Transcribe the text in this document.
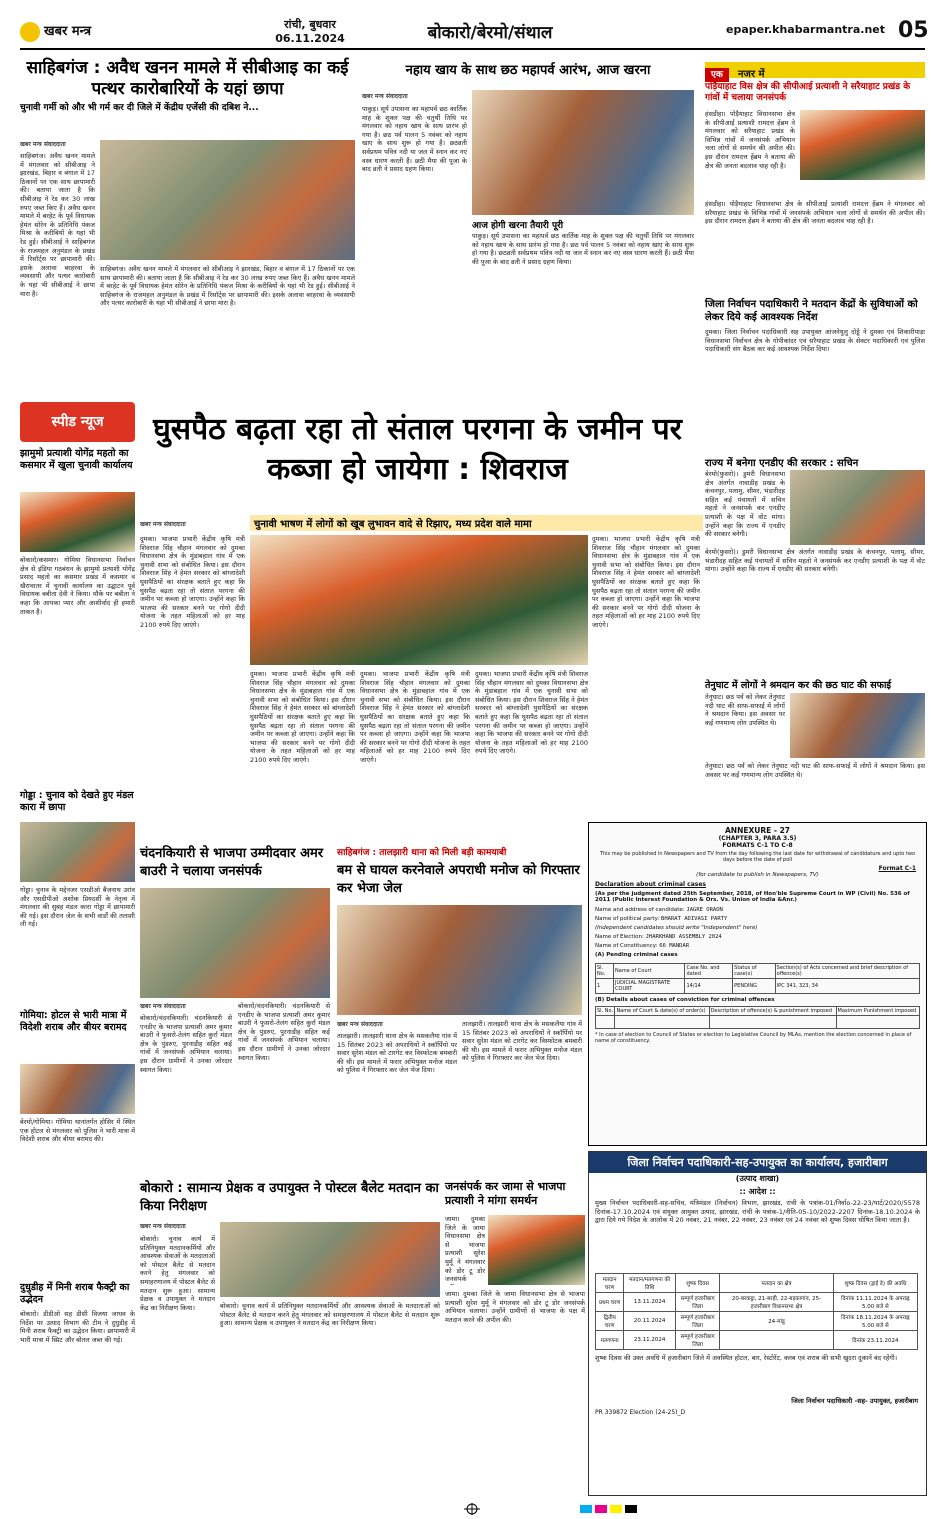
खबर मन्त्र	रांची, बुधवार
06.11.2024	बोकारो/बेरमो/संथाल	epaper.khabarmantra.net 05
साहिबगंज : अवैध खनन मामले में सीबीआइ का कई पत्थर कारोबारियों के यहां छापा
चुनावी गर्मी को और भी गर्म कर दी जिले में केंद्रीय एजेंसी की दबिश ने...
खबर मन्त्र संवाददाता
साहिबगंज। अवैध खनन मामले में मंगलवार को सीबीआइ ने झारखंड, बिहार व बंगाल में 17 ठिकानों पर एक साथ छापामारी की। बताया जाता है कि सीबीआइ ने रेड कर 30 लाख रुपए जब्त किए हैं। अवैध खनन मामले में बरहेट के पूर्व विधायक हेमंत सोरेन के प्रतिनिधि पंकज मिश्रा के करीबियों के यहां भी रेड हुई। सीबीआई ने साहिबगंज के राजमहल अनुमंडल के प्रखंड में रिसॉर्ट्स पर छापामारी की। इसके अलावा बरहरवा के व्यवसायी और पत्थर कारोबारी के यहां भी सीबीआई ने छापा मारा है।
साहिबगंज। अवैध खनन मामले में मंगलवार को सीबीआइ ने झारखंड, बिहार व बंगाल में 17 ठिकानों पर एक साथ छापामारी की। बताया जाता है कि सीबीआइ ने रेड कर 30 लाख रुपए जब्त किए हैं। अवैध खनन मामले में बरहेट के पूर्व विधायक हेमंत सोरेन के प्रतिनिधि पंकज मिश्रा के करीबियों के यहां भी रेड हुई। सीबीआई ने साहिबगंज के राजमहल अनुमंडल के प्रखंड में रिसॉर्ट्स पर छापामारी की। इसके अलावा बरहरवा के व्यवसायी और पत्थर कारोबारी के यहां भी सीबीआई ने छापा मारा है।
नहाय खाय के साथ छठ महापर्व आरंभ, आज खरना
खबर मन्त्र संवाददाता
पाकुड़। सूर्य उपासना का महापर्व छठ कार्तिक माह के शुक्ल पक्ष की चतुर्थी तिथि पर मंगलवार को नहाय खाय के साथ प्रारंभ हो गया है। छठ पर्व पालन 5 नवंबर को नहाय खाए के साथ शुरू हो गया है। छठव्रती सर्वप्रथम पवित्र नदी या जल में स्नान कर नए वस्त्र धारण करती हैं। छठी मैया की पूजा के बाद व्रती ने प्रसाद ग्रहण किया।
आज होगी खरना तैयारी पूरी
पाकुड़। सूर्य उपासना का महापर्व छठ कार्तिक माह के शुक्ल पक्ष की चतुर्थी तिथि पर मंगलवार को नहाय खाय के साथ प्रारंभ हो गया है। छठ पर्व पालन 5 नवंबर को नहाय खाए के साथ शुरू हो गया है। छठव्रती सर्वप्रथम पवित्र नदी या जल में स्नान कर नए वस्त्र धारण करती हैं। छठी मैया की पूजा के बाद व्रती ने प्रसाद ग्रहण किया।
एक नजर में
पोड़ैयाहाट विस क्षेत्र की सीपीआई प्रत्याशी ने सरैयाहाट प्रखंड के गांवों में चलाया जनसंपर्क
हंसडीहा। पोड़ैयाहाट विधानसभा क्षेत्र के सीपीआई प्रत्याशी रामदत्त हेंब्रम ने मंगलवार को सरैयाहाट प्रखंड के विभिन्न गांवों में जनसंपर्क अभियान चला लोगों से समर्थन की अपील की। इस दौरान रामदत्त हेंब्रम ने बताया की क्षेत्र की जनता बदलाव चाह रही है।
हंसडीहा। पोड़ैयाहाट विधानसभा क्षेत्र के सीपीआई प्रत्याशी रामदत्त हेंब्रम ने मंगलवार को सरैयाहाट प्रखंड के विभिन्न गांवों में जनसंपर्क अभियान चला लोगों से समर्थन की अपील की। इस दौरान रामदत्त हेंब्रम ने बताया की क्षेत्र की जनता बदलाव चाह रही है।
जिला निर्वाचन पदाधिकारी ने मतदान केंद्रों के सुविधाओं को लेकर दिये कई आवश्यक निर्देश
दुमका। जिला निर्वाचन पदाधिकारी सह उपायुक्त आंजनेयुलु दोड्डे ने दुमका एवं शिकारीपाड़ा विधानसभा निर्वाचन क्षेत्र के गोपीकांदर एवं सरैयाहाट प्रखंड के सेक्टर पदाधिकारी एवं पुलिस पदाधिकारी संग बैठक कर कई आवश्यक निर्देश दिया।
राज्य में बनेगा एनडीए की सरकार : सचिन
बेरमो(फुसरो)। डुमरी विधानसभा क्षेत्र अंतर्गत नावाडीह प्रखंड के कंचनपुर, पलामु, सीमर, भंडारीदह सहित कई पंचायतों में सचिन महतो ने जनसंपर्क कर एनडीए प्रत्याशी के पक्ष में वोट मांगा। उन्होंने कहा कि राज्य में एनडीए की सरकार बनेगी।
बेरमो(फुसरो)। डुमरी विधानसभा क्षेत्र अंतर्गत नावाडीह प्रखंड के कंचनपुर, पलामु, सीमर, भंडारीदह सहित कई पंचायतों में सचिन महतो ने जनसंपर्क कर एनडीए प्रत्याशी के पक्ष में वोट मांगा। उन्होंने कहा कि राज्य में एनडीए की सरकार बनेगी।
तेनुघाट में लोगों ने श्रमदान कर की छठ घाट की सफाई
तेनुघाट। छठ पर्व को लेकर तेनुघाट नदी घाट की साफ-सफाई में लोगों ने श्रमदान किया। इस अवसर पर कई गणमान्य लोग उपस्थित थे।
तेनुघाट। छठ पर्व को लेकर तेनुघाट नदी घाट की साफ-सफाई में लोगों ने श्रमदान किया। इस अवसर पर कई गणमान्य लोग उपस्थित थे।
स्पीड न्यूज
झामुमो प्रत्याशी योगेंद्र महतो का कसमार में खुला चुनावी कार्यालय
बोकारो/कसमार। गोमिया विधानसभा निर्वाचन क्षेत्र से इंडिया गठबंधन के झामुमो प्रत्याशी योगेंद्र प्रसाद महतो का कसमार प्रखंड में कसमार व खैराचातर में चुनावी कार्यालय का उद्घाटन पूर्व विधायक बबीता देवी ने किया। मौके पर बबीता ने कहा कि आपका प्यार और आशीर्वाद ही हमारी ताकत है।
गोड्डा : चुनाव को देखते हुए मंडल कारा में छापा
गोड्डा। चुनाव के मद्देनजर एसडीओ बैजनाथ उरांव और एसडीपीओ अशोक प्रियदर्शी के नेतृत्व में मंगलवार की सुबह मंडल कारा गोड्डा में छापामारी की गई। इस दौरान जेल के सभी वार्डों की तलाशी ली गई।
गोमिया: होटल से भारी मात्रा में विदेशी शराब और बीयर बरामद
बेरमो/गोमिया। गोमिया थानांतर्गत होसिर में स्थित एक होटल से मंगलवार को पुलिस ने भारी मात्रा में विदेशी शराब और बीयर बरामद की।
दुधुडीह में मिनी शराब फैक्ट्री का उद्भेदन
बोकारो। डीडीओ सह डीसी विजया जाधव के निर्देश पर उत्पाद विभाग की टीम ने दुधुडीह में मिनी शराब फैक्ट्री का उद्भेदन किया। छापामारी में भारी मात्रा में स्प्रिट और बोतल जब्त की गई।
घुसपैठ बढ़ता रहा तो संताल परगना के जमीन पर कब्जा हो जायेगा : शिवराज
चुनावी भाषण में लोगों को खूब लुभावन वादे से रिझाए, मध्य प्रदेश वाले मामा
खबर मन्त्र संवाददाता
दुमका। भाजपा प्रभारी केंद्रीय कृषि मंत्री शिवराज सिंह चौहान मंगलवार को दुमका विधानसभा क्षेत्र के मुंडाबहाल गांव में एक चुनावी सभा को संबोधित किया। इस दौरान शिवराज सिंह ने हेमंत सरकार को बांग्लादेशी घुसपैठियों का संरक्षक बताते हुए कहा कि घुसपैठ बढ़ता रहा तो संताल परगना की जमीन पर कब्जा हो जाएगा। उन्होंने कहा कि भाजपा की सरकार बनने पर गोगो दीदी योजना के तहत महिलाओं को हर माह 2100 रुपये दिए जाएंगे।
दुमका। भाजपा प्रभारी केंद्रीय कृषि मंत्री शिवराज सिंह चौहान मंगलवार को दुमका विधानसभा क्षेत्र के मुंडाबहाल गांव में एक चुनावी सभा को संबोधित किया। इस दौरान शिवराज सिंह ने हेमंत सरकार को बांग्लादेशी घुसपैठियों का संरक्षक बताते हुए कहा कि घुसपैठ बढ़ता रहा तो संताल परगना की जमीन पर कब्जा हो जाएगा। उन्होंने कहा कि भाजपा की सरकार बनने पर गोगो दीदी योजना के तहत महिलाओं को हर माह 2100 रुपये दिए जाएंगे।
दुमका। भाजपा प्रभारी केंद्रीय कृषि मंत्री शिवराज सिंह चौहान मंगलवार को दुमका विधानसभा क्षेत्र के मुंडाबहाल गांव में एक चुनावी सभा को संबोधित किया। इस दौरान शिवराज सिंह ने हेमंत सरकार को बांग्लादेशी घुसपैठियों का संरक्षक बताते हुए कहा कि घुसपैठ बढ़ता रहा तो संताल परगना की जमीन पर कब्जा हो जाएगा। उन्होंने कहा कि भाजपा की सरकार बनने पर गोगो दीदी योजना के तहत महिलाओं को हर माह 2100 रुपये दिए जाएंगे।
दुमका। भाजपा प्रभारी केंद्रीय कृषि मंत्री शिवराज सिंह चौहान मंगलवार को दुमका विधानसभा क्षेत्र के मुंडाबहाल गांव में एक चुनावी सभा को संबोधित किया। इस दौरान शिवराज सिंह ने हेमंत सरकार को बांग्लादेशी घुसपैठियों का संरक्षक बताते हुए कहा कि घुसपैठ बढ़ता रहा तो संताल परगना की जमीन पर कब्जा हो जाएगा। उन्होंने कहा कि भाजपा की सरकार बनने पर गोगो दीदी योजना के तहत महिलाओं को हर माह 2100 रुपये दिए जाएंगे।
दुमका। भाजपा प्रभारी केंद्रीय कृषि मंत्री शिवराज सिंह चौहान मंगलवार को दुमका विधानसभा क्षेत्र के मुंडाबहाल गांव में एक चुनावी सभा को संबोधित किया। इस दौरान शिवराज सिंह ने हेमंत सरकार को बांग्लादेशी घुसपैठियों का संरक्षक बताते हुए कहा कि घुसपैठ बढ़ता रहा तो संताल परगना की जमीन पर कब्जा हो जाएगा। उन्होंने कहा कि भाजपा की सरकार बनने पर गोगो दीदी योजना के तहत महिलाओं को हर माह 2100 रुपये दिए जाएंगे।
चंदनकियारी से भाजपा उम्मीदवार अमर बाउरी ने चलाया जनसंपर्क
खबर मन्त्र संवाददाता
बोकारो/चंदनकियारी। चंदनकियारी से एनडीए के भाजपा प्रत्याशी अमर कुमार बाउरी ने फुसरो-तेलंग सहित कुर्रा मंडल क्षेत्र के पुंडरुए, पुरनाडीह सहित कई गांवों में जनसंपर्क अभियान चलाया। इस दौरान ग्रामीणों ने उनका जोरदार स्वागत किया।
बोकारो/चंदनकियारी। चंदनकियारी से एनडीए के भाजपा प्रत्याशी अमर कुमार बाउरी ने फुसरो-तेलंग सहित कुर्रा मंडल क्षेत्र के पुंडरुए, पुरनाडीह सहित कई गांवों में जनसंपर्क अभियान चलाया। इस दौरान ग्रामीणों ने उनका जोरदार स्वागत किया।
साहिबगंज : तालझारी थाना को मिली बड़ी कामयाबी
बम से घायल करनेवाले अपराधी मनोज को गिरफ्तार कर भेजा जेल
खबर मन्त्र संवाददाता
तालझारी। तालझारी थाना क्षेत्र के मसकलैया गांव में 15 सितंबर 2023 को अपराधियों ने स्कॉर्पियो पर सवार सुरेश मंडल को टारगेट कर विस्फोटक बमबारी की थी। इस मामले में फरार अभियुक्त मनोज मंडल को पुलिस ने गिरफ्तार कर जेल भेज दिया।
तालझारी। तालझारी थाना क्षेत्र के मसकलैया गांव में 15 सितंबर 2023 को अपराधियों ने स्कॉर्पियो पर सवार सुरेश मंडल को टारगेट कर विस्फोटक बमबारी की थी। इस मामले में फरार अभियुक्त मनोज मंडल को पुलिस ने गिरफ्तार कर जेल भेज दिया।
बोकारो : सामान्य प्रेक्षक व उपायुक्त ने पोस्टल बैलेट मतदान का किया निरीक्षण
खबर मन्त्र संवाददाता
बोकारो। चुनाव कार्य में प्रतिनियुक्त मतदानकर्मियों और आवश्यक सेवाओं के मतदाताओं को पोस्टल बैलेट से मतदान करने हेतु मंगलवार को समाहरणालय में पोस्टल बैलेट से मतदान शुरू हुआ। सामान्य प्रेक्षक व उपायुक्त ने मतदान केंद्र का निरीक्षण किया।	बोकारो। चुनाव कार्य में प्रतिनियुक्त मतदानकर्मियों और आवश्यक सेवाओं के मतदाताओं को पोस्टल बैलेट से मतदान करने हेतु मंगलवार को समाहरणालय में पोस्टल बैलेट से मतदान शुरू हुआ। सामान्य प्रेक्षक व उपायुक्त ने मतदान केंद्र का निरीक्षण किया।
जनसंपर्क कर जामा से भाजपा प्रत्याशी ने मांगा समर्थन
जामा। दुमका जिले के जामा विधानसभा क्षेत्र से भाजपा प्रत्याशी सुरेश मुर्मू ने मंगलवार को डोर टू डोर जनसंपर्क
जामा। दुमका जिले के जामा विधानसभा क्षेत्र से भाजपा प्रत्याशी सुरेश मुर्मू ने मंगलवार को डोर टू डोर जनसंपर्क अभियान चलाया। उन्होंने ग्रामीणों से भाजपा के पक्ष में मतदान करने की अपील की।
ANNEXURE - 27
(CHAPTER 3, PARA 3.5)
FORMATS C-1 TO C-8
This may be published in Newspapers and TV from the day following the last date for withdrawal of candidature and upto two days before the date of poll
Format C-1
(for candidate to publish in Newspapers, TV)
Declaration about criminal cases
(As per the judgment dated 25th September, 2018, of Hon'ble Supreme Court in WP (Civil) No. 536 of 2011 (Public Interest Foundation & Ors. Vs. Union of India &Anr.)
Name and address of candidate: JAGRE ORAON
Name of political party: BHARAT ADIVASI PARTY
(Independent candidates should write "Independent" here)
Name of Election: JHARKHAND ASSEMBLY 2024
Name of Constituency: 66 MANDAR
(A) Pending criminal cases
Sl. No.	Name of Court	Case No. and dated	Status of case(s)	Section(s) of Acts concerned and brief description of offence(s)
1	JUDICIAL MAGISTRATE COURT	14/14	PENDING	IPC 341, 323, 34
(B) Details about cases of conviction for criminal offences
Sl. No.	Name of Court & date(s) of order(s)	Description of offence(s) & punishment imposed	Maximum Punishment imposed

* In case of election to Council of States or election to Legislative Council by MLAs, mention the election concerned in place of name of constituency.
जिला निर्वाचन पदाधिकारी-सह-उपायुक्त का कार्यालय, हजारीबाग
(उत्पाद शाखा)
:: आदेश ::
मुख्य निर्वाचन पदाधिकारी-सह-सचिव, मंत्रिमंडल (निर्वाचन) विभाग, झारखंड, रांची के पत्रांक-01/निर्वाo-22-23/पार्ट/2020/5578 दिनांक-17.10.2024 एवं संयुक्त आयुक्त उत्पाद, झारखंड, रांची के पत्रांक-1/नीति-05-10/2022-2207 दिनांक-18.10.2024 के द्वारा दिये गये निदेश के आलोक में 20 नवंबर, 21 नवंबर, 22 नवंबर, 23 नवंबर एवं 24 नवंबर को शुष्क दिवस घोषित किया जाता है।
मतदान चरण	मतदान/मतगणना की तिथि	शुष्क दिवस	मतदान का क्षेत्र	शुष्क दिवस (ड्राई डे) की अवधि
प्रथम चरण	13.11.2024	सम्पूर्ण हजारीबाग जिला	20-बरकट्ठा, 21-बरही, 22-बड़कागांव, 25-हजारीबाग विधानसभा क्षेत्र	दिनांक 11.11.2024 के अपराह्न 5.00 बजे से
द्वितीय चरण	20.11.2024	सम्पूर्ण हजारीबाग जिला	24-मांडू	दिनांक 18.11.2024 के अपराह्न 5.00 बजे से
मतगणना	23.11.2024	सम्पूर्ण हजारीबाग जिला		दिनांक 23.11.2024
शुष्क दिवस की उक्त अवधि में हजारीबाग जिले में अवस्थित होटल, बार, रेस्टोरेंट, क्लब एवं शराब की सभी खुदरा दुकानें बंद रहेंगी।
जिला निर्वाचन पदाधिकारी -सह- उपायुक्त, हजारीबाग
PR 339872 Election (24-25)_D
